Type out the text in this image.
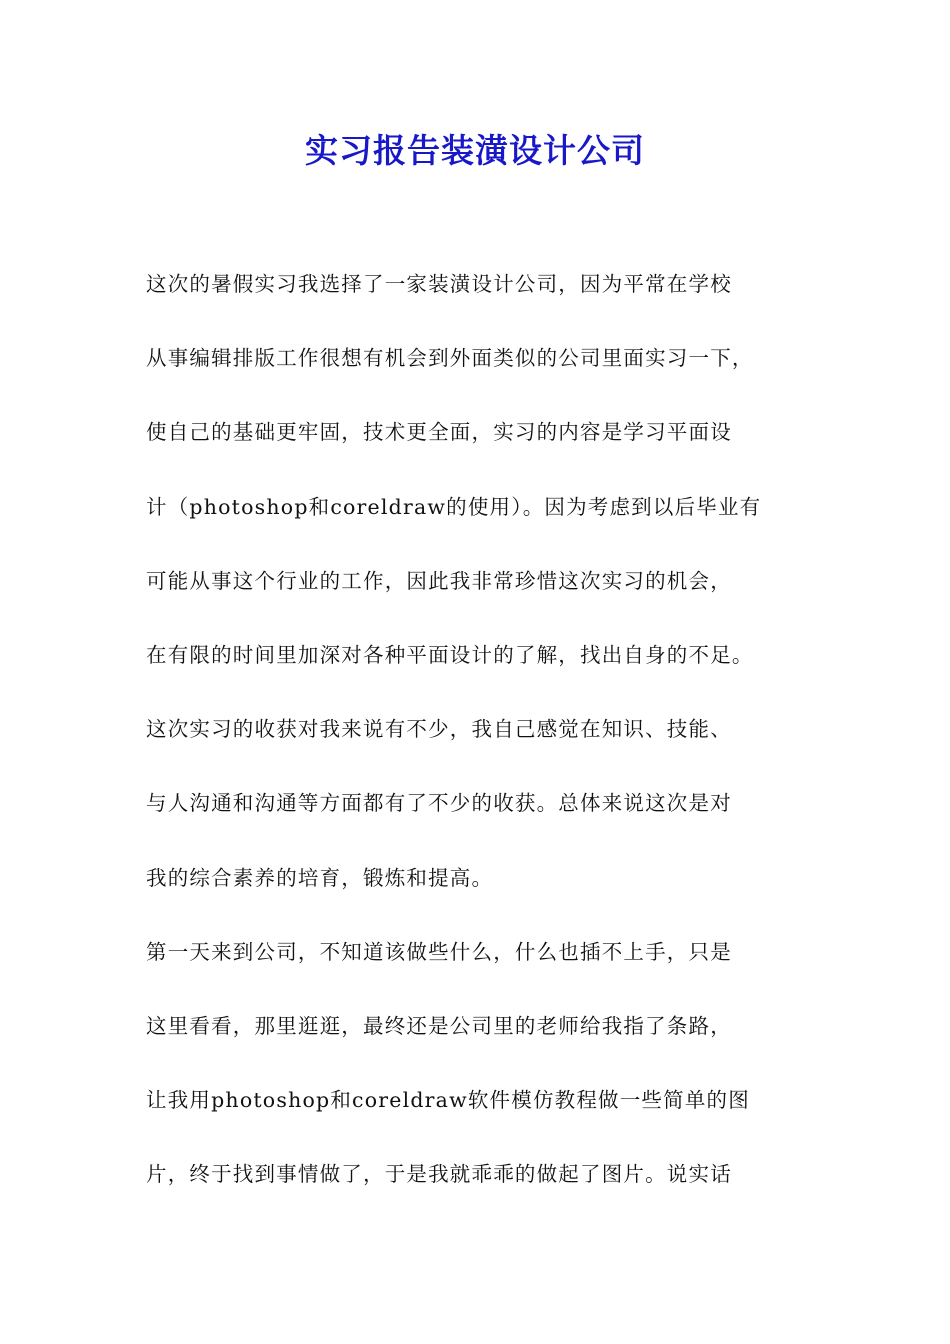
实习报告装潢设计公司
这次的暑假实习我选择了一家装潢设计公司，因为平常在学校
从事编辑排版工作很想有机会到外面类似的公司里面实习一下，
使自己的基础更牢固，技术更全面，实习的内容是学习平面设
计（photoshop和coreldraw的使用）。因为考虑到以后毕业有
可能从事这个行业的工作，因此我非常珍惜这次实习的机会，
在有限的时间里加深对各种平面设计的了解，找出自身的不足。
这次实习的收获对我来说有不少，我自己感觉在知识、技能、
与人沟通和沟通等方面都有了不少的收获。总体来说这次是对
我的综合素养的培育，锻炼和提高。
第一天来到公司，不知道该做些什么，什么也插不上手，只是
这里看看，那里逛逛，最终还是公司里的老师给我指了条路，
让我用photoshop和coreldraw软件模仿教程做一些简单的图
片，终于找到事情做了，于是我就乖乖的做起了图片。说实话
